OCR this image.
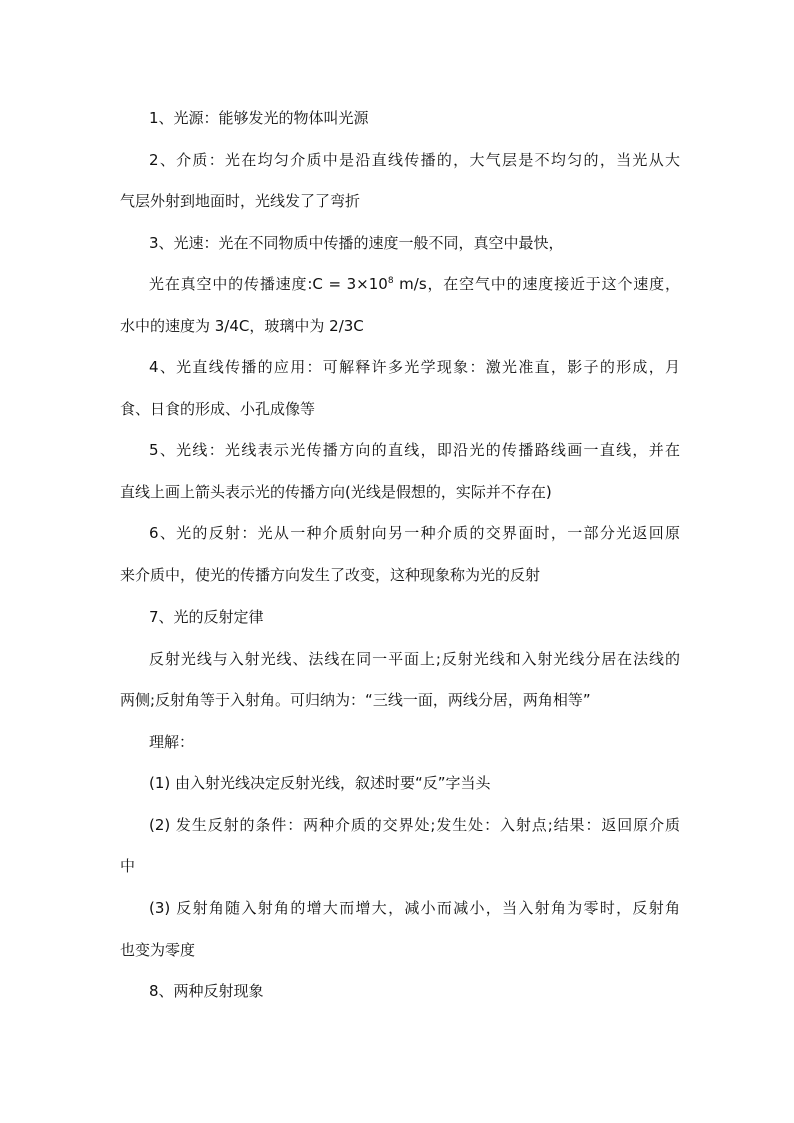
1、光源：能够发光的物体叫光源
2、介质：光在均匀介质中是沿直线传播的，大气层是不均匀的，当光从大
气层外射到地面时，光线发了了弯折
3、光速：光在不同物质中传播的速度一般不同，真空中最快，
光在真空中的传播速度:C = $3\times 10^8$ m/s，在空气中的速度接近于这个速度，
水中的速度为 3/4C，玻璃中为 2/3C
4、光直线传播的应用：可解释许多光学现象：激光准直，影子的形成，月
食、日食的形成、小孔成像等
5、光线：光线表示光传播方向的直线，即沿光的传播路线画一直线，并在
直线上画上箭头表示光的传播方向(光线是假想的，实际并不存在)
6、光的反射：光从一种介质射向另一种介质的交界面时，一部分光返回原
来介质中，使光的传播方向发生了改变，这种现象称为光的反射
7、光的反射定律
反射光线与入射光线、法线在同一平面上;反射光线和入射光线分居在法线的
两侧;反射角等于入射角。可归纳为：“三线一面，两线分居，两角相等”
理解：
(1) 由入射光线决定反射光线，叙述时要“反”字当头
(2) 发生反射的条件：两种介质的交界处;发生处：入射点;结果：返回原介质
中
(3) 反射角随入射角的增大而增大，减小而减小，当入射角为零时，反射角
也变为零度
8、两种反射现象
